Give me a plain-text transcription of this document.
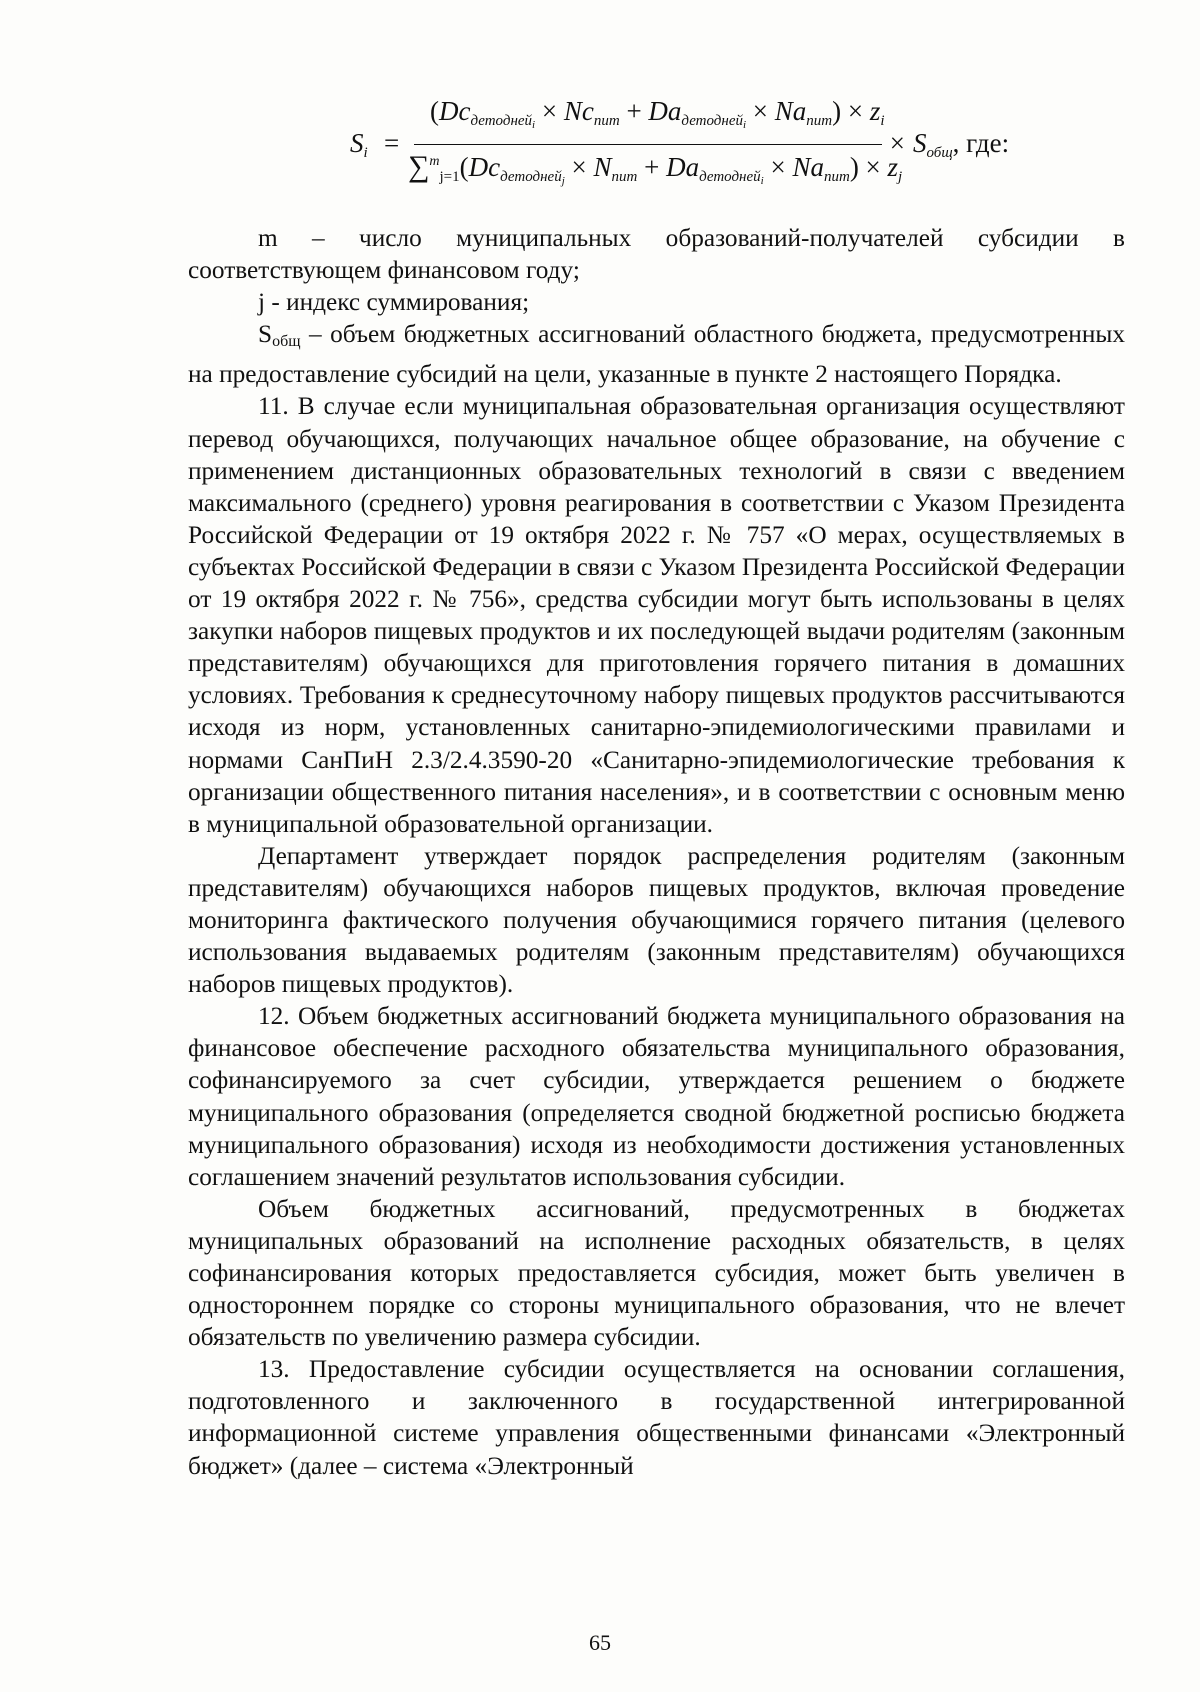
$S_i$ =
$(Dc_{детодней_i} \times Nc_{пит} + Da_{детодней_i} \times Na_{пит}) \times z_i$
$\sum^m_{j=1}(Dc_{детодней_j} \times N_{пит} + Da_{детодней_i} \times Na_{пит}) \times z_j$
× $S_{общ}$, где:

m – число муниципальных образований-получателей субсидии в соответствующем финансовом году;

j - индекс суммирования;

Sобщ – объем бюджетных ассигнований областного бюджета, предусмотренных на предоставление субсидий на цели, указанные в пункте 2 настоящего Порядка.

11. В случае если муниципальная образовательная организация осуществляют перевод обучающихся, получающих начальное общее образование, на обучение с применением дистанционных образовательных технологий в связи с введением максимального (среднего) уровня реагирования в соответствии с Указом Президента Российской Федерации от 19 октября 2022 г. № 757 «О мерах, осуществляемых в субъектах Российской Федерации в связи с Указом Президента Российской Федерации от 19 октября 2022 г. № 756», средства субсидии могут быть использованы в целях закупки наборов пищевых продуктов и их последующей выдачи родителям (законным представителям) обучающихся для приготовления горячего питания в домашних условиях. Требования к среднесуточному набору пищевых продуктов рассчитываются исходя из норм, установленных санитарно-эпидемиологическими правилами и нормами СанПиН 2.3/2.4.3590-20 «Санитарно-эпидемиологические требования к организации общественного питания населения», и в соответствии с основным меню в муниципальной образовательной организации.

Департамент утверждает порядок распределения родителям (законным представителям) обучающихся наборов пищевых продуктов, включая проведение мониторинга фактического получения обучающимися горячего питания (целевого использования выдаваемых родителям (законным представителям) обучающихся наборов пищевых продуктов).

12. Объем бюджетных ассигнований бюджета муниципального образования на финансовое обеспечение расходного обязательства муниципального образования, софинансируемого за счет субсидии, утверждается решением о бюджете муниципального образования (определяется сводной бюджетной росписью бюджета муниципального образования) исходя из необходимости достижения установленных соглашением значений результатов использования субсидии.

Объем бюджетных ассигнований, предусмотренных в бюджетах муниципальных образований на исполнение расходных обязательств, в целях софинансирования которых предоставляется субсидия, может быть увеличен в одностороннем порядке со стороны муниципального образования, что не влечет обязательств по увеличению размера субсидии.

13. Предоставление субсидии осуществляется на основании соглашения, подготовленного и заключенного в государственной интегрированной информационной системе управления общественными финансами «Электронный бюджет» (далее – система «Электронный

65
